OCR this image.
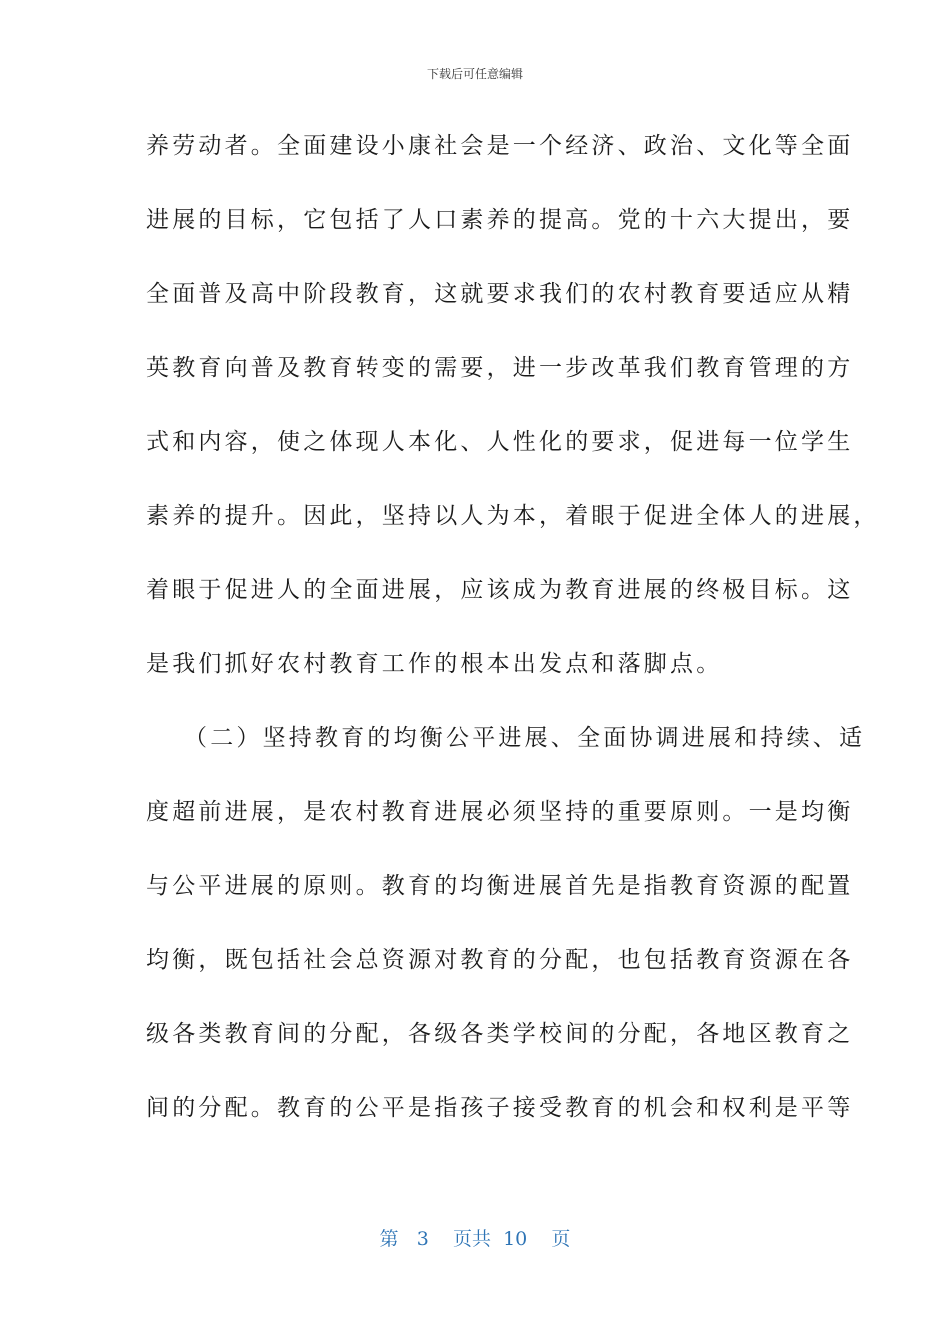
下载后可任意编辑
养劳动者。全面建设小康社会是一个经济、政治、文化等全面
进展的目标，它包括了人口素养的提高。党的十六大提出，要
全面普及高中阶段教育，这就要求我们的农村教育要适应从精
英教育向普及教育转变的需要，进一步改革我们教育管理的方
式和内容，使之体现人本化、人性化的要求，促进每一位学生
素养的提升。因此，坚持以人为本，着眼于促进全体人的进展，
着眼于促进人的全面进展，应该成为教育进展的终极目标。这
是我们抓好农村教育工作的根本出发点和落脚点。
（二）坚持教育的均衡公平进展、全面协调进展和持续、适
度超前进展，是农村教育进展必须坚持的重要原则。一是均衡
与公平进展的原则。教育的均衡进展首先是指教育资源的配置
均衡，既包括社会总资源对教育的分配，也包括教育资源在各
级各类教育间的分配，各级各类学校间的分配，各地区教育之
间的分配。教育的公平是指孩子接受教育的机会和权利是平等
第 3 页共 10 页
